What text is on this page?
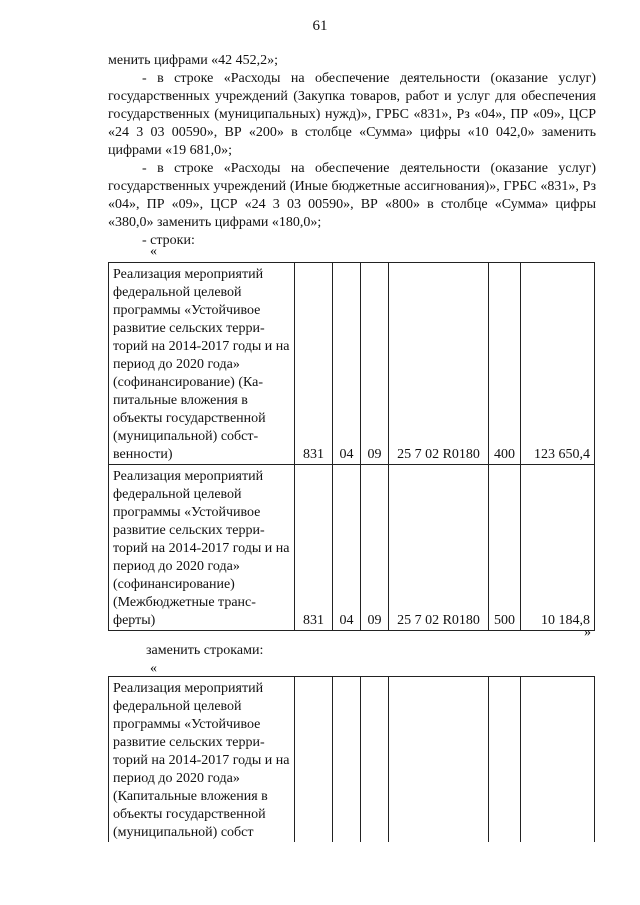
61

менить цифрами «42 452,2»;

- в строке «Расходы на обеспечение деятельности (оказание услуг) государственных учреждений (Закупка товаров, работ и услуг для обеспечения государственных (муниципальных) нужд)», ГРБС «831», Рз «04», ПР «09», ЦСР «24 3 03 00590», ВР «200» в столбце «Сумма» цифры «10 042,0» заменить цифрами «19 681,0»;

- в строке «Расходы на обеспечение деятельности (оказание услуг) государственных учреждений (Иные бюджетные ассигнования)», ГРБС «831», Рз «04», ПР «09», ЦСР «24 3 03 00590», ВР «800» в столбце «Сумма» цифры «380,0» заменить цифрами «180,0»;

- строки:

«
Реализация мероприятий федеральной целевой программы «Устойчивое развитие сельских территорий на 2014-2017 годы и на период до 2020 года» (софинансирование) (Капитальные вложения в объекты государственной (муниципальной) собственности)	831	04	09	25 7 02 R0180	400	123 650,4
Реализация мероприятий федеральной целевой программы «Устойчивое развитие сельских территорий на 2014-2017 годы и на период до 2020 года» (софинансирование) (Межбюджетные трансферты)	831	04	09	25 7 02 R0180	500	10 184,8
»
заменить строками:
«
Реализация мероприятий федеральной целевой программы «Устойчивое развитие сельских территорий на 2014-2017 годы и на период до 2020 года» (Капитальные вложения в объекты государственной (муниципальной) собст						
